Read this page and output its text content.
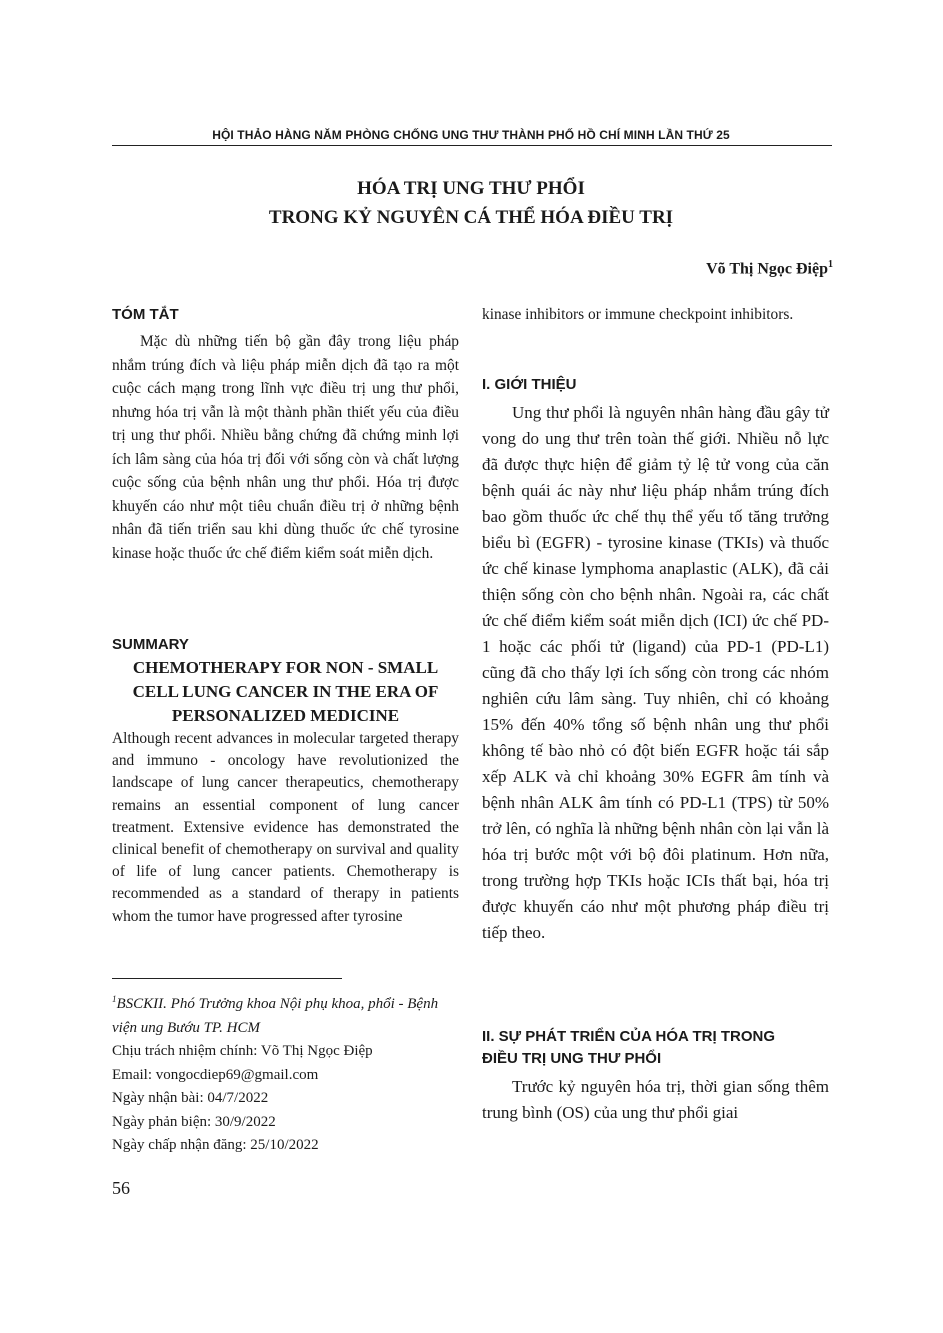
HỘI THẢO HÀNG NĂM PHÒNG CHỐNG UNG THƯ THÀNH PHỐ HỒ CHÍ MINH LẦN THỨ 25
HÓA TRỊ UNG THƯ PHỔI
TRONG KỶ NGUYÊN CÁ THỂ HÓA ĐIỀU TRỊ
Võ Thị Ngọc Điệp$^1$
TÓM TẮT

Mặc dù những tiến bộ gần đây trong liệu pháp nhắm trúng đích và liệu pháp miễn dịch đã tạo ra một cuộc cách mạng trong lĩnh vực điều trị ung thư phổi, nhưng hóa trị vẫn là một thành phần thiết yếu của điều trị ung thư phổi. Nhiều bằng chứng đã chứng minh lợi ích lâm sàng của hóa trị đối với sống còn và chất lượng cuộc sống của bệnh nhân ung thư phổi. Hóa trị được khuyến cáo như một tiêu chuẩn điều trị ở những bệnh nhân đã tiến triển sau khi dùng thuốc ức chế tyrosine kinase hoặc thuốc ức chế điểm kiểm soát miễn dịch.

SUMMARY

CHEMOTHERAPY FOR NON - SMALL CELL LUNG CANCER IN THE ERA OF PERSONALIZED MEDICINE

Although recent advances in molecular targeted therapy and immuno - oncology have revolutionized the landscape of lung cancer therapeutics, chemotherapy remains an essential component of lung cancer treatment. Extensive evidence has demonstrated the clinical benefit of chemotherapy on survival and quality of life of lung cancer patients. Chemotherapy is recommended as a standard of therapy in patients whom the tumor have progressed after tyrosine

$^1$BSCKII. Phó Trưởng khoa Nội phụ khoa, phổi - Bệnh viện ung Bướu TP. HCM
Chịu trách nhiệm chính: Võ Thị Ngọc Điệp
Email: vongocdiep69@gmail.com
Ngày nhận bài: 04/7/2022
Ngày phản biện: 30/9/2022
Ngày chấp nhận đăng: 25/10/2022

kinase inhibitors or immune checkpoint inhibitors.

I. GIỚI THIỆU

Ung thư phổi là nguyên nhân hàng đầu gây tử vong do ung thư trên toàn thế giới. Nhiều nỗ lực đã được thực hiện để giảm tỷ lệ tử vong của căn bệnh quái ác này như liệu pháp nhắm trúng đích bao gồm thuốc ức chế thụ thể yếu tố tăng trưởng biểu bì (EGFR) - tyrosine kinase (TKIs) và thuốc ức chế kinase lymphoma anaplastic (ALK), đã cải thiện sống còn cho bệnh nhân. Ngoài ra, các chất ức chế điểm kiểm soát miễn dịch (ICI) ức chế PD-1 hoặc các phối tử (ligand) của PD-1 (PD-L1) cũng đã cho thấy lợi ích sống còn trong các nhóm nghiên cứu lâm sàng. Tuy nhiên, chỉ có khoảng 15% đến 40% tổng số bệnh nhân ung thư phổi không tế bào nhỏ có đột biến EGFR hoặc tái sắp xếp ALK và chỉ khoảng 30% EGFR âm tính và bệnh nhân ALK âm tính có PD-L1 (TPS) từ 50% trở lên, có nghĩa là những bệnh nhân còn lại vẫn là hóa trị bước một với bộ đôi platinum. Hơn nữa, trong trường hợp TKIs hoặc ICIs thất bại, hóa trị được khuyến cáo như một phương pháp điều trị tiếp theo.

II. SỰ PHÁT TRIỂN CỦA HÓA TRỊ TRONG
ĐIỀU TRỊ UNG THƯ PHỔI

Trước kỷ nguyên hóa trị, thời gian sống thêm trung bình (OS) của ung thư phổi giai

56
